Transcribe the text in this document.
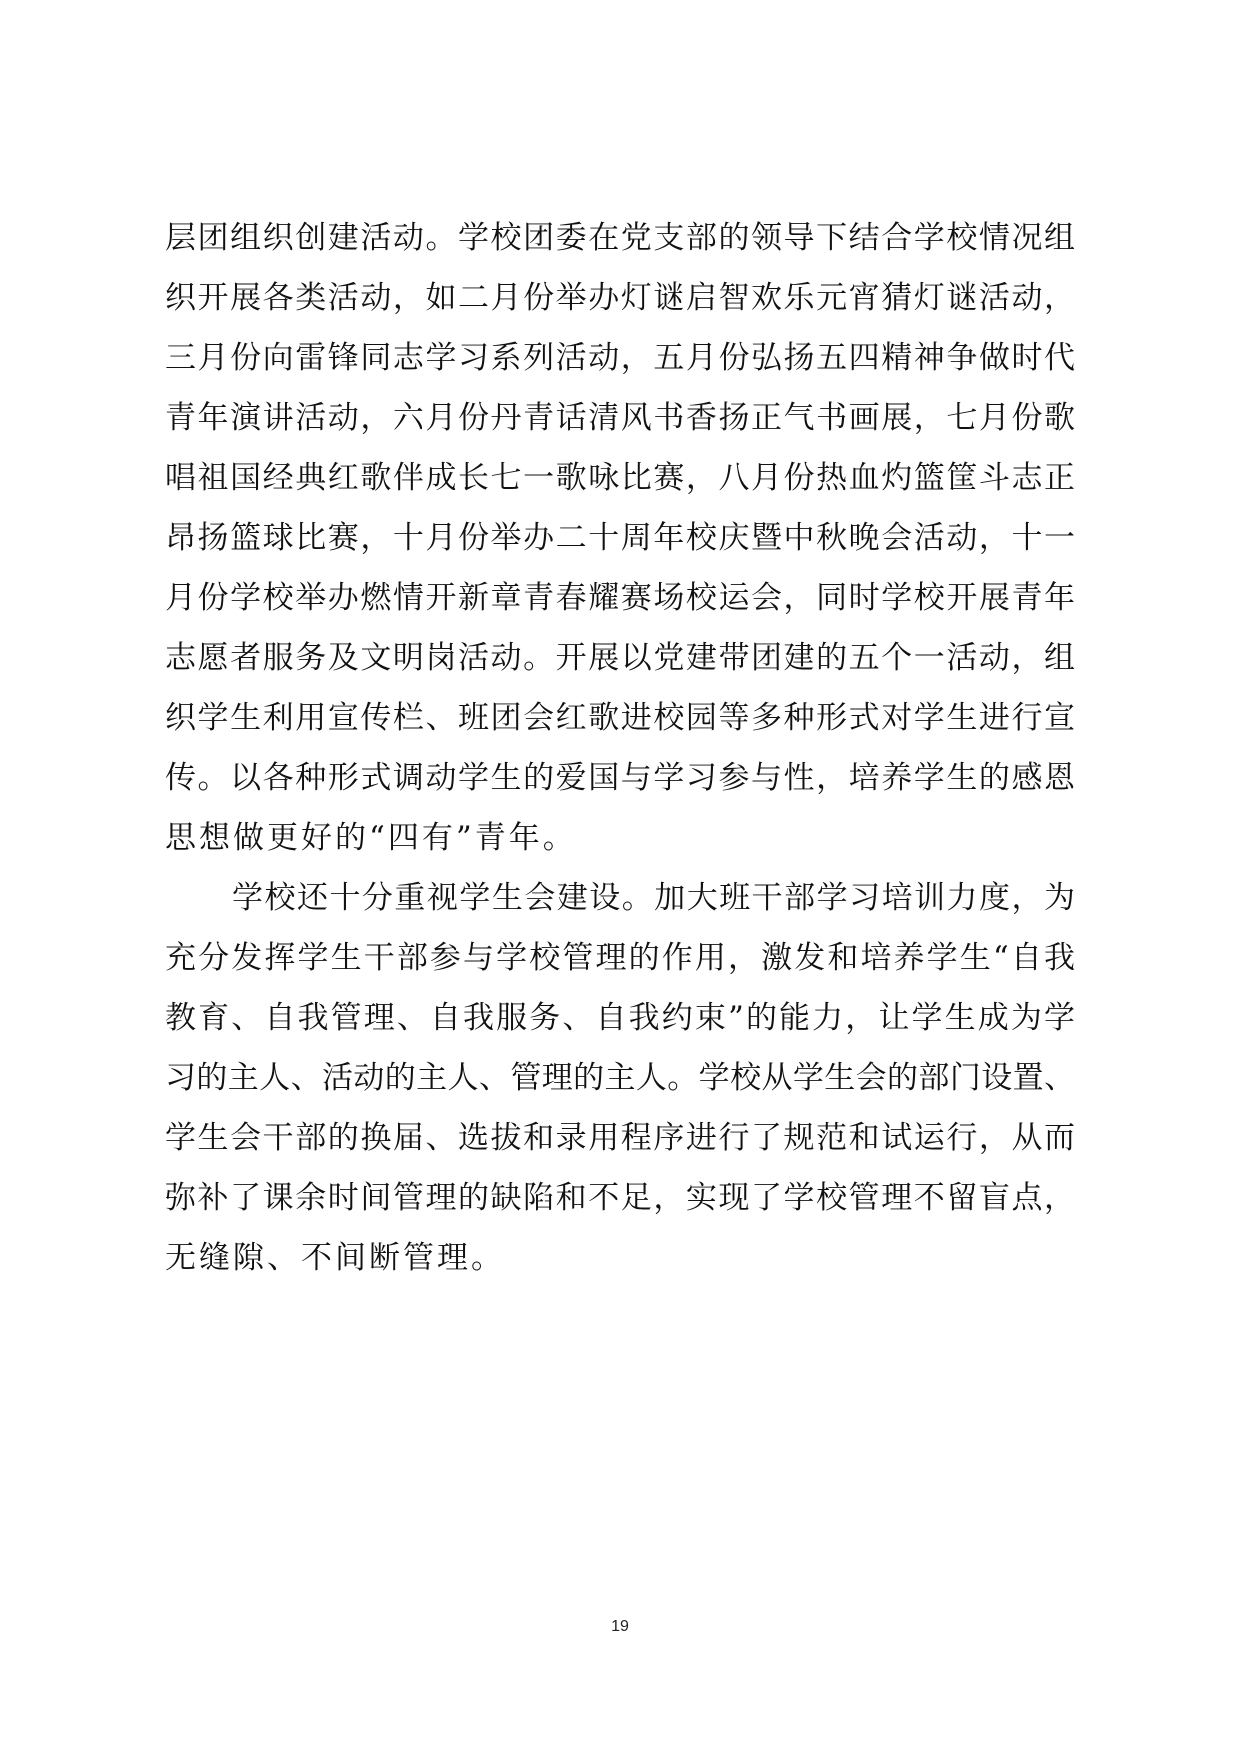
层团组织创建活动。学校团委在党支部的领导下结合学校情况组
织开展各类活动，如二月份举办灯谜启智欢乐元宵猜灯谜活动，
三月份向雷锋同志学习系列活动，五月份弘扬五四精神争做时代
青年演讲活动，六月份丹青话清风书香扬正气书画展，七月份歌
唱祖国经典红歌伴成长七一歌咏比赛，八月份热血灼篮筐斗志正
昂扬篮球比赛，十月份举办二十周年校庆暨中秋晚会活动，十一
月份学校举办燃情开新章青春耀赛场校运会，同时学校开展青年
志愿者服务及文明岗活动。开展以党建带团建的五个一活动，组
织学生利用宣传栏、班团会红歌进校园等多种形式对学生进行宣
传。以各种形式调动学生的爱国与学习参与性，培养学生的感恩
思想做更好的“四有”青年。
学校还十分重视学生会建设。加大班干部学习培训力度，为
充分发挥学生干部参与学校管理的作用，激发和培养学生“自我
教育、自我管理、自我服务、自我约束”的能力，让学生成为学
习的主人、活动的主人、管理的主人。学校从学生会的部门设置、
学生会干部的换届、选拔和录用程序进行了规范和试运行，从而
弥补了课余时间管理的缺陷和不足，实现了学校管理不留盲点，
无缝隙、不间断管理。
19
